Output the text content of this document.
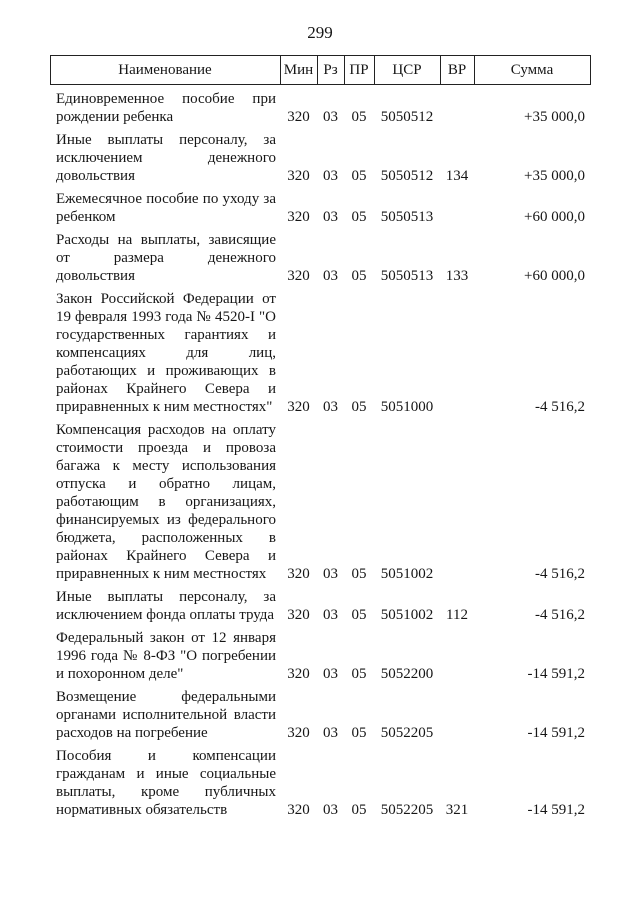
299
Наименование	Мин	Рз	ПР	ЦСР	ВР	Сумма
Единовременное пособие при рождении ребенка	320	03	05	5050512		+35 000,0
Иные выплаты персоналу, за исключением денежного довольствия	320	03	05	5050512	134	+35 000,0
Ежемесячное пособие по уходу за ребенком	320	03	05	5050513		+60 000,0
Расходы на выплаты, зависящие от размера денежного довольствия	320	03	05	5050513	133	+60 000,0
Закон Российской Федерации от 19 февраля 1993 года № 4520-I "О государственных гарантиях и компенсациях для лиц, работающих и проживающих в районах Крайнего Севера и приравненных к ним местностях"	320	03	05	5051000		-4 516,2
Компенсация расходов на оплату стоимости проезда и провоза багажа к месту использования отпуска и обратно лицам, работающим в организациях, финансируемых из федерального бюджета, расположенных в районах Крайнего Севера и приравненных к ним местностях	320	03	05	5051002		-4 516,2
Иные выплаты персоналу, за исключением фонда оплаты труда	320	03	05	5051002	112	-4 516,2
Федеральный закон от 12 января 1996 года № 8-ФЗ "О погребении и похоронном деле"	320	03	05	5052200		-14 591,2
Возмещение федеральными органами исполнительной власти расходов на погребение	320	03	05	5052205		-14 591,2
Пособия и компенсации гражданам и иные социальные выплаты, кроме публичных нормативных обязательств	320	03	05	5052205	321	-14 591,2
